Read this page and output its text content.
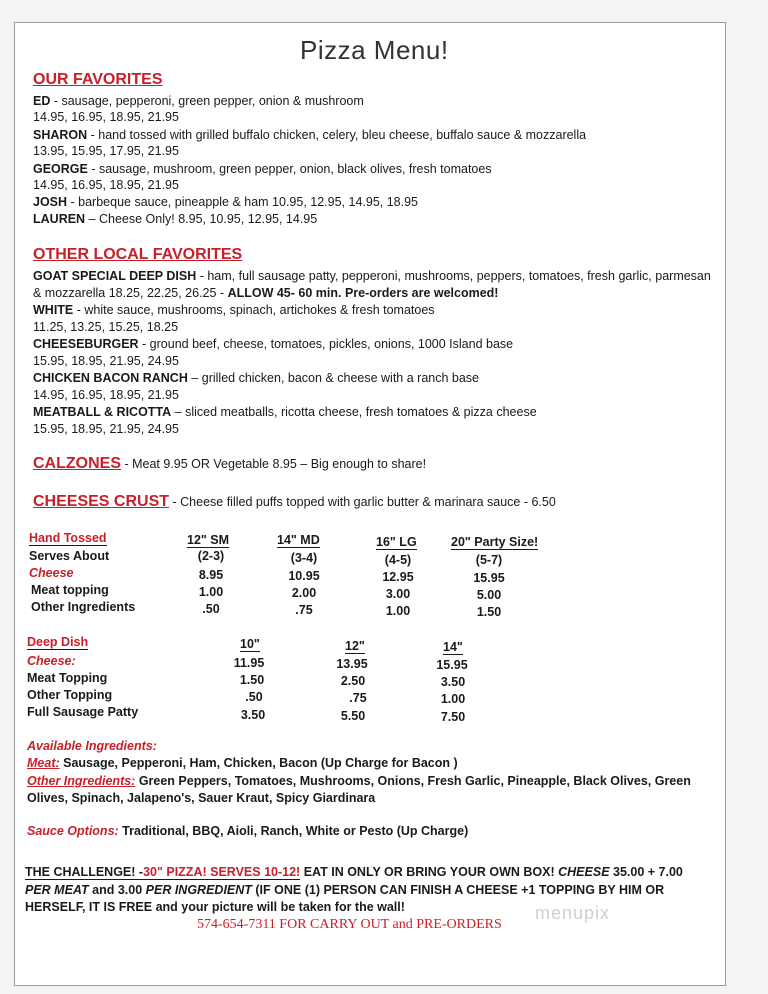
Pizza Menu!
OUR FAVORITES
ED - sausage, pepperoni, green pepper, onion & mushroom
14.95, 16.95, 18.95, 21.95
SHARON - hand tossed with grilled buffalo chicken, celery, bleu cheese, buffalo sauce & mozzarella
13.95, 15.95, 17.95, 21.95
GEORGE - sausage, mushroom, green pepper, onion, black olives, fresh tomatoes
14.95, 16.95, 18.95, 21.95
JOSH - barbeque sauce, pineapple & ham 10.95, 12.95, 14.95, 18.95
LAUREN – Cheese Only! 8.95, 10.95, 12.95, 14.95
OTHER LOCAL FAVORITES
GOAT SPECIAL DEEP DISH - ham, full sausage patty, pepperoni, mushrooms, peppers, tomatoes, fresh garlic, parmesan
& mozzarella 18.25, 22.25, 26.25 - ALLOW 45- 60 min. Pre-orders are welcomed!
WHITE - white sauce, mushrooms, spinach, artichokes & fresh tomatoes
11.25, 13.25, 15.25, 18.25
CHEESEBURGER - ground beef, cheese, tomatoes, pickles, onions, 1000 Island base
15.95, 18.95, 21.95, 24.95
CHICKEN BACON RANCH – grilled chicken, bacon & cheese with a ranch base
14.95, 16.95, 18.95, 21.95
MEATBALL & RICOTTA – sliced meatballs, ricotta cheese, fresh tomatoes & pizza cheese
15.95, 18.95, 21.95, 24.95
CALZONES - Meat 9.95 OR Vegetable 8.95 – Big enough to share!
CHEESES CRUST - Cheese filled puffs topped with garlic butter & marinara sauce - 6.50
Hand Tossed	12" SM	14" MD	16" LG	20" Party Size!
Serves About	(2-3)	(3-4)	(4-5)	(5-7)
Cheese	8.95	10.95	12.95	15.95
Meat topping	1.00	2.00	3.00	5.00
Other Ingredients	.50	.75	1.00	1.50
Deep Dish	10"	12"	14"
Cheese:	11.95	13.95	15.95
Meat Topping	1.50	2.50	3.50
Other Topping	.50	.75	1.00
Full Sausage Patty	3.50	5.50	7.50
Available Ingredients:
Meat: Sausage, Pepperoni, Ham, Chicken, Bacon (Up Charge for Bacon )
Other Ingredients: Green Peppers, Tomatoes, Mushrooms, Onions, Fresh Garlic, Pineapple, Black Olives, Green
Olives, Spinach, Jalapeno's, Sauer Kraut, Spicy Giardinara
Sauce Options: Traditional, BBQ, Aioli, Ranch, White or Pesto (Up Charge)
THE CHALLENGE! -30" PIZZA! SERVES 10-12! EAT IN ONLY OR BRING YOUR OWN BOX! CHEESE 35.00 + 7.00
PER MEAT and 3.00 PER INGREDIENT (IF ONE (1) PERSON CAN FINISH A CHEESE +1 TOPPING BY HIM OR
HERSELF, IT IS FREE and your picture will be taken for the wall!
574-654-7311 FOR CARRY OUT and PRE-ORDERS
menupix
